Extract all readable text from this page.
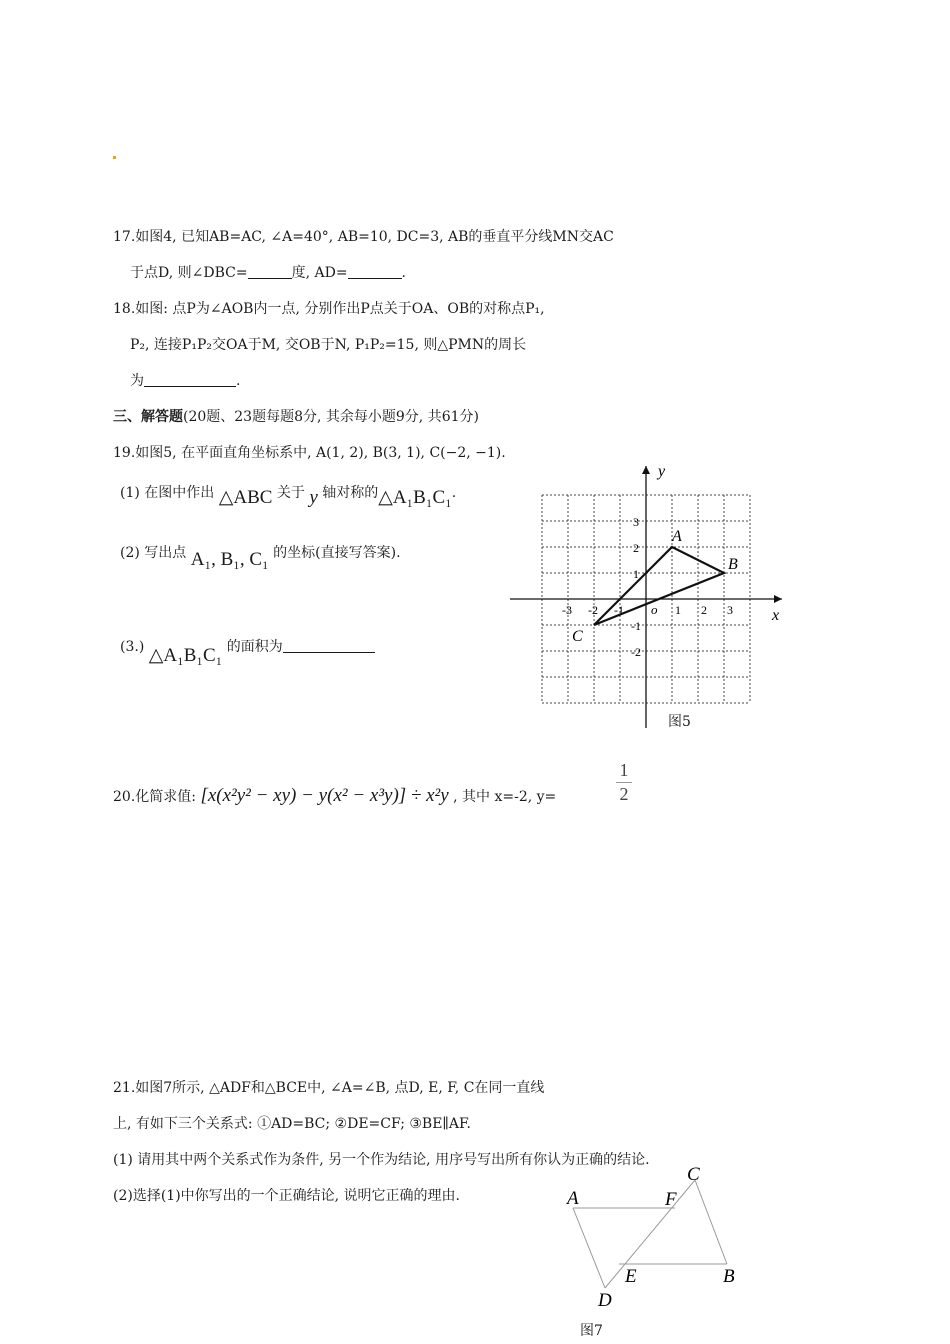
17.如图4, 已知AB=AC, ∠A=40°, AB=10, DC=3, AB的垂直平分线MN交AC
于点D, 则∠DBC=	度, AD=	.
18.如图: 点P为∠AOB内一点, 分别作出P点关于OA、OB的对称点P₁,
P₂, 连接P₁P₂交OA于M, 交OB于N, P₁P₂=15, 则△PMN的周长
为	.
三、解答题(20题、23题每题8分, 其余每小题9分, 共61分)
19.如图5, 在平面直角坐标系中, A(1, 2), B(3, 1), C(−2, −1).
(1) 在图中作出 △ABC 关于 y 轴对称的△A₁B₁C₁.
(2) 写出点 A₁, B₁, C₁ 的坐标(直接写答案).
(3.) △A₁B₁C₁ 的面积为
x
y
o
-3 -2 -1	1 2 3
3
2
1
-1
-2
A
B
C
图5
20.化简求值: [x(x²y² − xy) − y(x² − x³y)] ÷ x²y , 其中 x=-2, y=
1
2
21.如图7所示, △ADF和△BCE中, ∠A=∠B, 点D, E, F, C在同一直线
上, 有如下三个关系式: ①AD=BC; ②DE=CF; ③BE∥AF.
(1) 请用其中两个关系式作为条件, 另一个作为结论, 用序号写出所有你认为正确的结论.
(2)选择(1)中你写出的一个正确结论, 说明它正确的理由.	A	F
C
E	B
D
图7
